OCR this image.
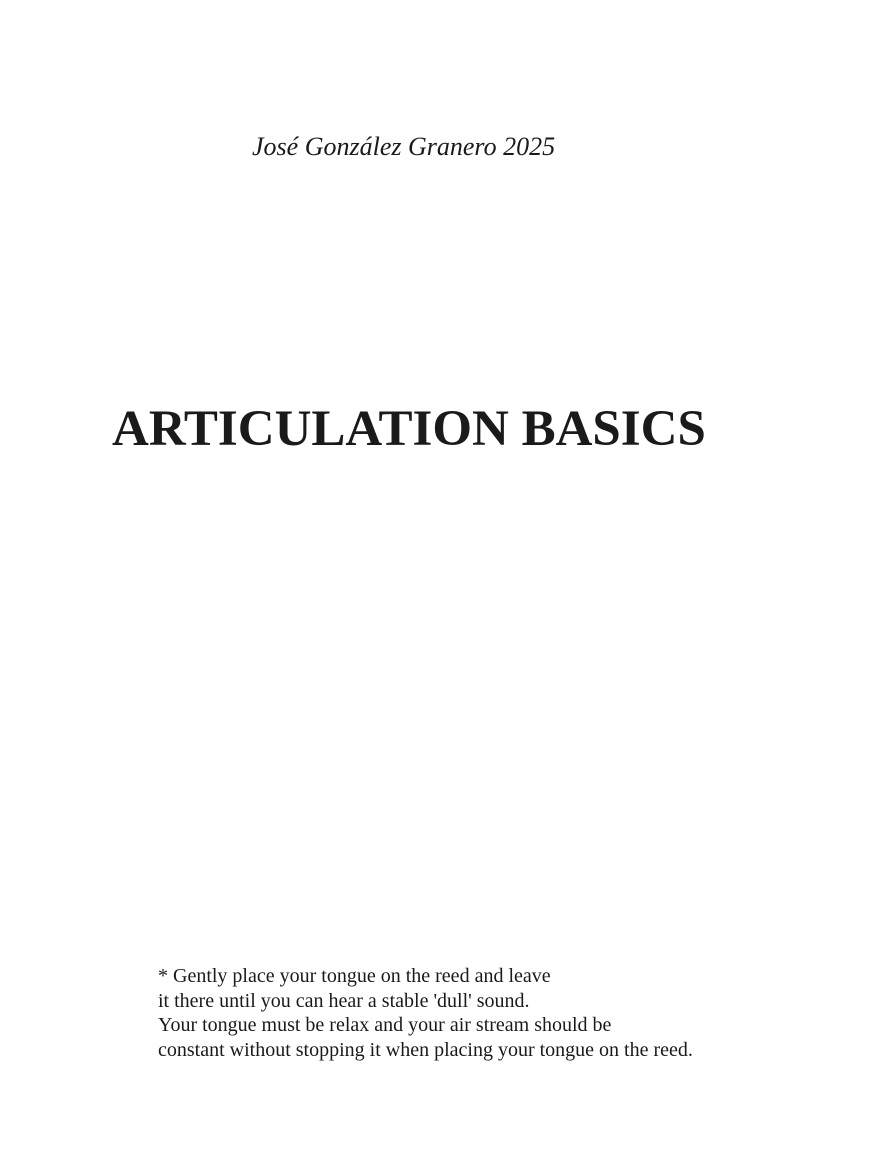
José González Granero 2025
ARTICULATION BASICS
* Gently place your tongue on the reed and leave
it there until you can hear a stable 'dull' sound.
Your tongue must be relax and your air stream should be
constant without stopping it when placing your tongue on the reed.
